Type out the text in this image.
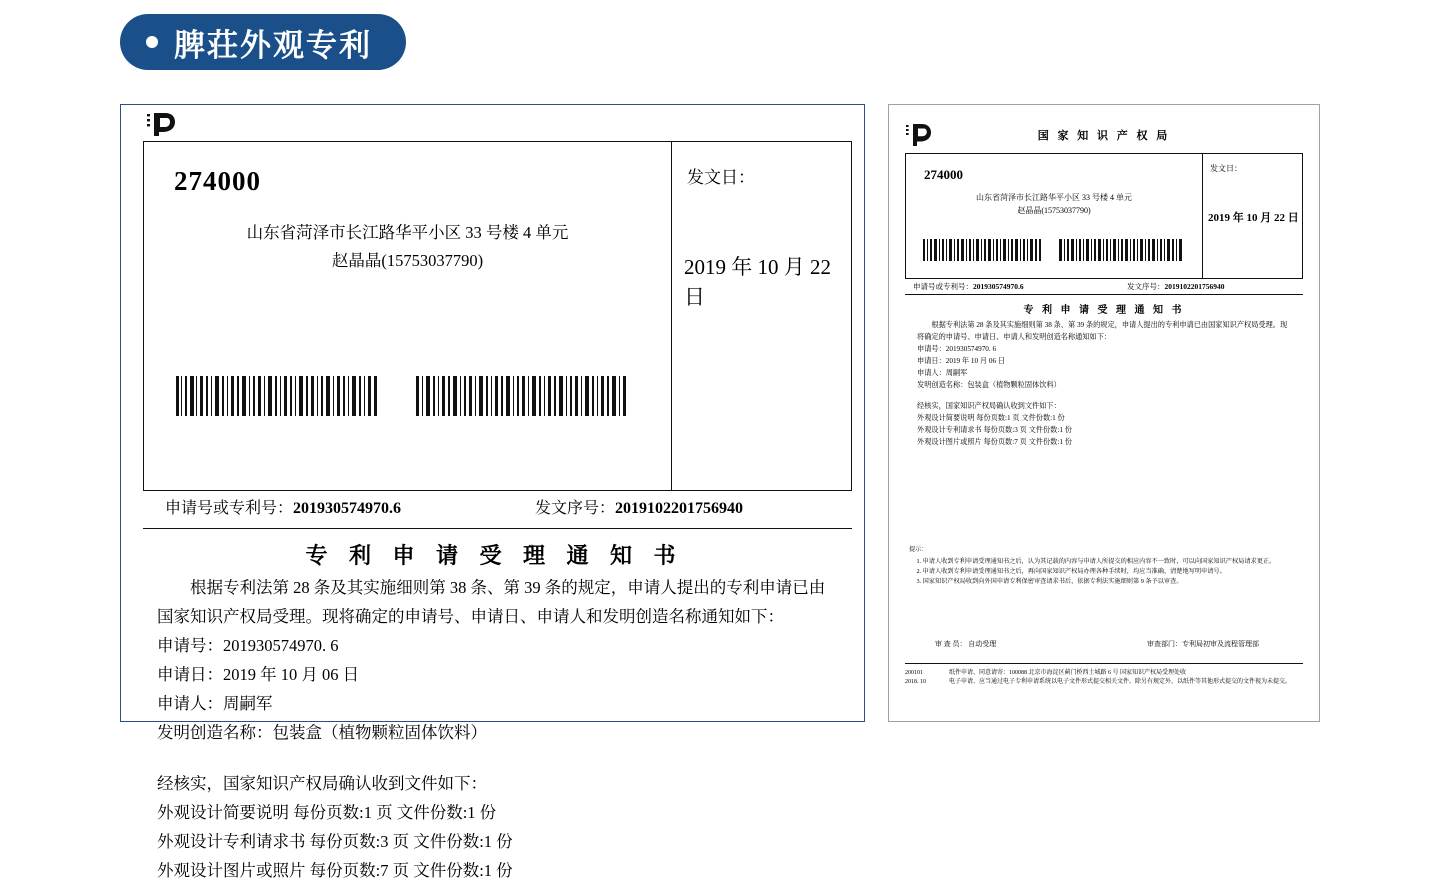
脾荘外观专利
274000
山东省菏泽市长江路华平小区 33 号楼 4 单元
赵晶晶(15753037790)
发文日：
2019 年 10 月 22 日
申请号或专利号：201930574970.6	发文序号：2019102201756940
专 利 申 请 受 理 通 知 书

根据专利法第 28 条及其实施细则第 38 条、第 39 条的规定，申请人提出的专利申请已由国家知识产权局受理。现将确定的申请号、申请日、申请人和发明创造名称通知如下：

申请号：201930574970. 6

申请日：2019 年 10 月 06 日

申请人：周嗣军

发明创造名称：包装盒（植物颗粒固体饮料）

经核实，国家知识产权局确认收到文件如下：

外观设计简要说明 每份页数:1 页 文件份数:1 份

外观设计专利请求书 每份页数:3 页 文件份数:1 份

外观设计图片或照片 每份页数:7 页 文件份数:1 份

国 家 知 识 产 权 局
274000
山东省菏泽市长江路华平小区 33 号楼 4 单元
赵晶晶(15753037790)
发文日：
2019 年 10 月 22 日
申请号或专利号：201930574970.6	发文序号：2019102201756940
专 利 申 请 受 理 通 知 书

根据专利法第 28 条及其实施细则第 38 条、第 39 条的规定，申请人提出的专利申请已由国家知识产权局受理。现将确定的申请号、申请日、申请人和发明创造名称通知如下：

申请号：201930574970. 6

申请日：2019 年 10 月 06 日

申请人：周嗣军

发明创造名称：包装盒（植物颗粒固体饮料）

经核实，国家知识产权局确认收到文件如下：

外观设计简要说明 每份页数:1 页 文件份数:1 份

外观设计专利请求书 每份页数:3 页 文件份数:1 份

外观设计图片或照片 每份页数:7 页 文件份数:1 份

提示：

1. 申请人收到专利申请受理通知书之后，认为其记载的内容与申请人所提交的相应内容不一致时，可以向国家知识产权局请求更正。

2. 申请人收到专利申请受理通知书之后，再向国家知识产权局办理各种手续时，均应当准确、清楚地写明申请号。

3. 国家知识产权局收到向外国申请专利保密审查请求书后，依据专利法实施细则第 9 条予以审查。

审 查 员： 自动受理	审查部门：专利局初审及流程管理部

200101

2018. 10

纸件申请、同意请寄：100088 北京市海淀区蓟门桥西土城路 6 号 国家知识产权局受理处收

电子申请、应当通过电子专利申请系统以电子文件形式提交相关文件。除另有规定外、以纸件等其他形式提交的文件视为未提交。
